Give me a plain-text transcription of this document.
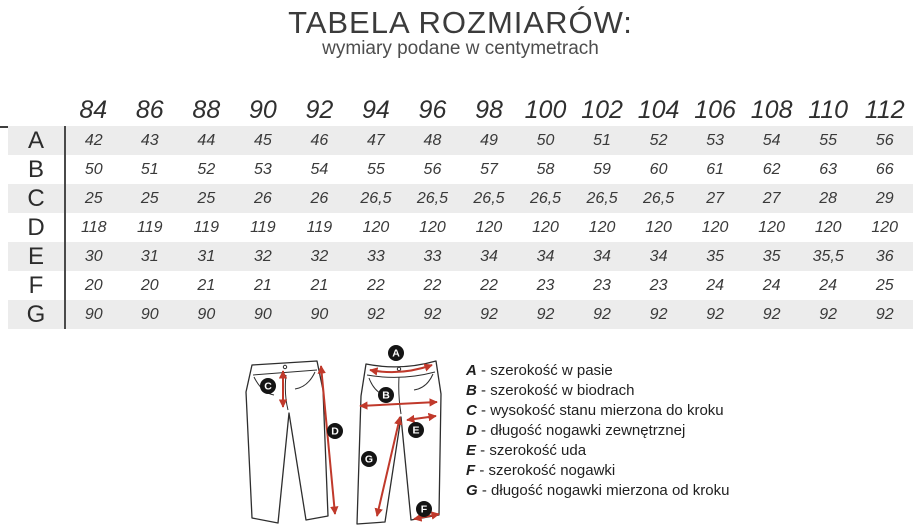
TABELA ROZMIARÓW:
wymiary podane w centymetrach
	84	86	88	90	92	94	96	98	100	102	104	106	108	110	112
A	42	43	44	45	46	47	48	49	50	51	52	53	54	55	56
B	50	51	52	53	54	55	56	57	58	59	60	61	62	63	66
C	25	25	25	26	26	26,5	26,5	26,5	26,5	26,5	26,5	27	27	28	29
D	118	119	119	119	119	120	120	120	120	120	120	120	120	120	120
E	30	31	31	32	32	33	33	34	34	34	34	35	35	35,5	36
F	20	20	21	21	21	22	22	22	23	23	23	24	24	24	25
G	90	90	90	90	90	92	92	92	92	92	92	92	92	92	92
A
B
C
D	E
F
G
A - szerokość w pasie
B - szerokość w biodrach
C - wysokość stanu mierzona do kroku
D - długość nogawki zewnętrznej
E - szerokość uda
F - szerokość nogawki
G - długość nogawki mierzona od kroku
